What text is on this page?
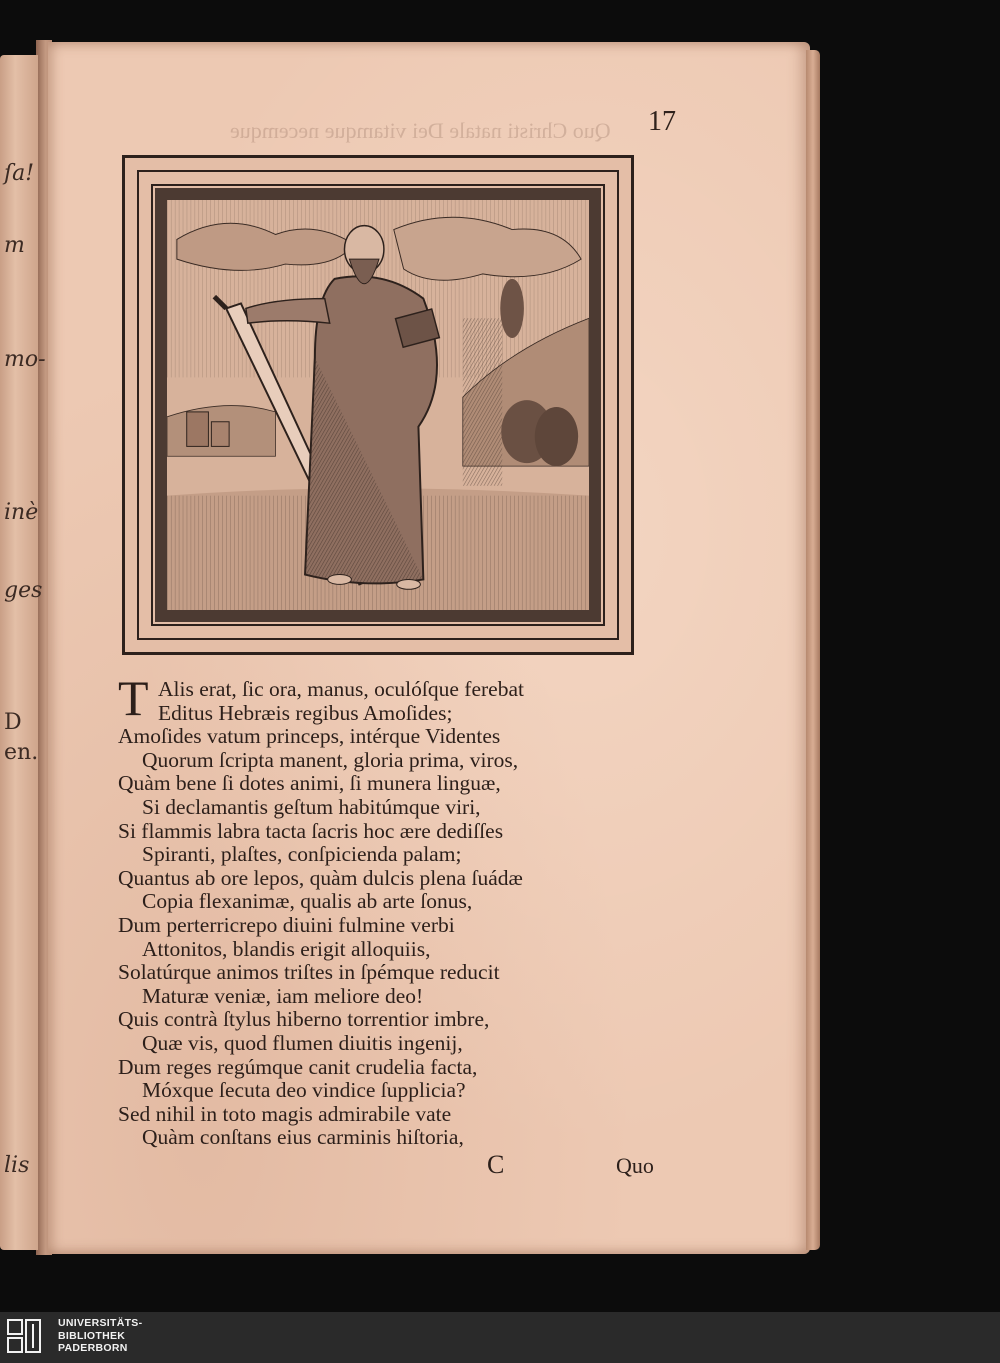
ſa!
m
mo-
inè
ges
D
en.
lis
Quo Christi natale Dei vitamque necemque 17
T Alis erat, ſic ora, manus, oculóſque ferebat
Editus Hebræis regibus Amoſides;
Amoſides vatum princeps, intérque Videntes
Quorum ſcripta manent, gloria prima, viros,
Quàm bene ſi dotes animi, ſi munera linguæ,
Si declamantis geſtum habitúmque viri,
Si flammis labra tacta ſacris hoc ære dediſſes
Spiranti, plaſtes, conſpicienda palam;
Quantus ab ore lepos, quàm dulcis plena ſuádæ
Copia flexanimæ, qualis ab arte ſonus,
Dum perterricrepo diuini fulmine verbi
Attonitos, blandis erigit alloquiis,
Solatúrque animos triſtes in ſpémque reducit
Maturæ veniæ, iam meliore deo!
Quis contrà ſtylus hiberno torrentior imbre,
Quæ vis, quod flumen diuitis ingenij,
Dum reges regúmque canit crudelia facta,
Móxque ſecuta deo vindice ſupplicia?
Sed nihil in toto magis admirabile vate
Quàm conſtans eius carminis hiſtoria,
C	Quo
UNIVERSITÄTS-
BIBLIOTHEK
PADERBORN
